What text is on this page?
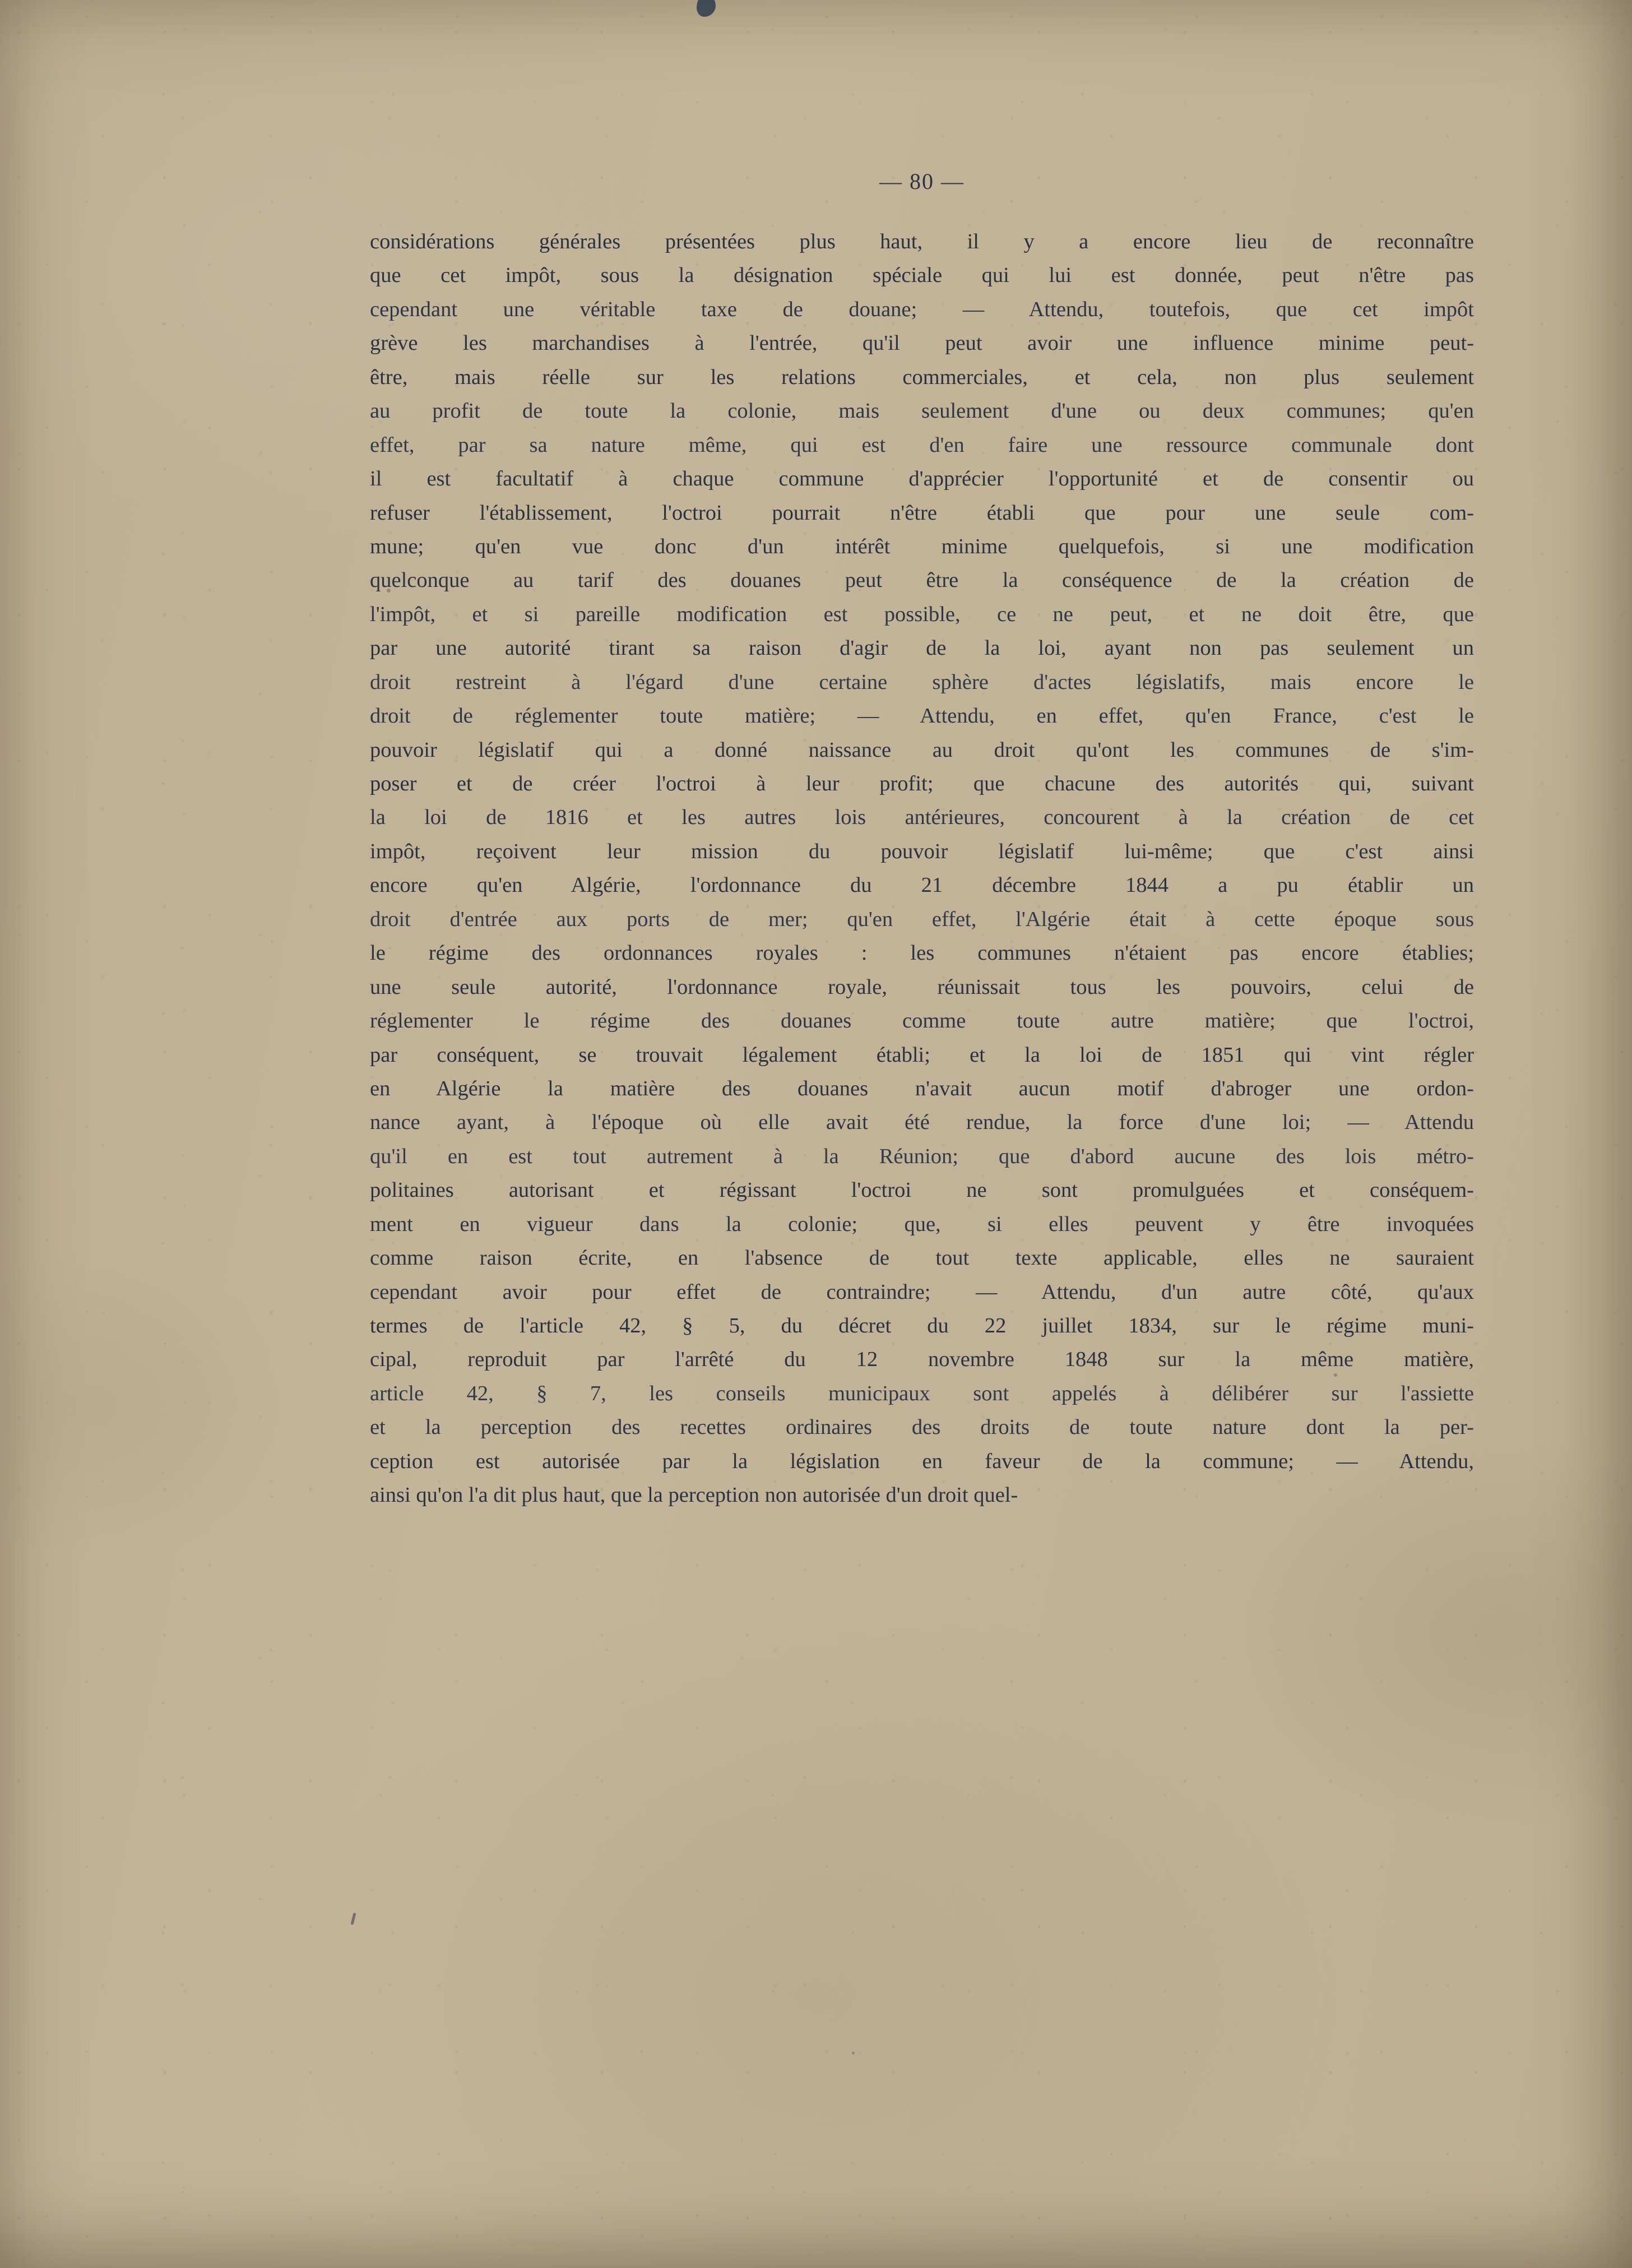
— 80 —

considérations générales présentées plus haut, il y a encore lieu de reconnaître
que cet impôt, sous la désignation spéciale qui lui est donnée, peut n'être pas
cependant une véritable taxe de douane; — Attendu, toutefois, que cet impôt
grève les marchandises à l'entrée, qu'il peut avoir une influence minime peut-
être, mais réelle sur les relations commerciales, et cela, non plus seulement
au profit de toute la colonie, mais seulement d'une ou deux communes; qu'en
effet, par sa nature même, qui est d'en faire une ressource communale dont
il est facultatif à chaque commune d'apprécier l'opportunité et de consentir ou
refuser l'établissement, l'octroi pourrait n'être établi que pour une seule com-
mune; qu'en vue donc d'un intérêt minime quelquefois, si une modification
quelconque au tarif des douanes peut être la conséquence de la création de
l'impôt, et si pareille modification est possible, ce ne peut, et ne doit être, que
par une autorité tirant sa raison d'agir de la loi, ayant non pas seulement un
droit restreint à l'égard d'une certaine sphère d'actes législatifs, mais encore le
droit de réglementer toute matière; — Attendu, en effet, qu'en France, c'est le
pouvoir législatif qui a donné naissance au droit qu'ont les communes de s'im-
poser et de créer l'octroi à leur profit; que chacune des autorités qui, suivant
la loi de 1816 et les autres lois antérieures, concourent à la création de cet
impôt, reçoivent leur mission du pouvoir législatif lui-même; que c'est ainsi
encore qu'en Algérie, l'ordonnance du 21 décembre 1844 a pu établir un
droit d'entrée aux ports de mer; qu'en effet, l'Algérie était à cette époque sous
le régime des ordonnances royales : les communes n'étaient pas encore établies;
une seule autorité, l'ordonnance royale, réunissait tous les pouvoirs, celui de
réglementer le régime des douanes comme toute autre matière; que l'octroi,
par conséquent, se trouvait légalement établi; et la loi de 1851 qui vint régler
en Algérie la matière des douanes n'avait aucun motif d'abroger une ordon-
nance ayant, à l'époque où elle avait été rendue, la force d'une loi; — Attendu
qu'il en est tout autrement à la Réunion; que d'abord aucune des lois métro-
politaines autorisant et régissant l'octroi ne sont promulguées et conséquem-
ment en vigueur dans la colonie; que, si elles peuvent y être invoquées
comme raison écrite, en l'absence de tout texte applicable, elles ne sauraient
cependant avoir pour effet de contraindre; — Attendu, d'un autre côté, qu'aux
termes de l'article 42, § 5, du décret du 22 juillet 1834, sur le régime muni-
cipal, reproduit par l'arrêté du 12 novembre 1848 sur la même matière,
article 42, § 7, les conseils municipaux sont appelés à délibérer sur l'assiette
et la perception des recettes ordinaires des droits de toute nature dont la per-
ception est autorisée par la législation en faveur de la commune; — Attendu,
ainsi qu'on l'a dit plus haut, que la perception non autorisée d'un droit quel-
